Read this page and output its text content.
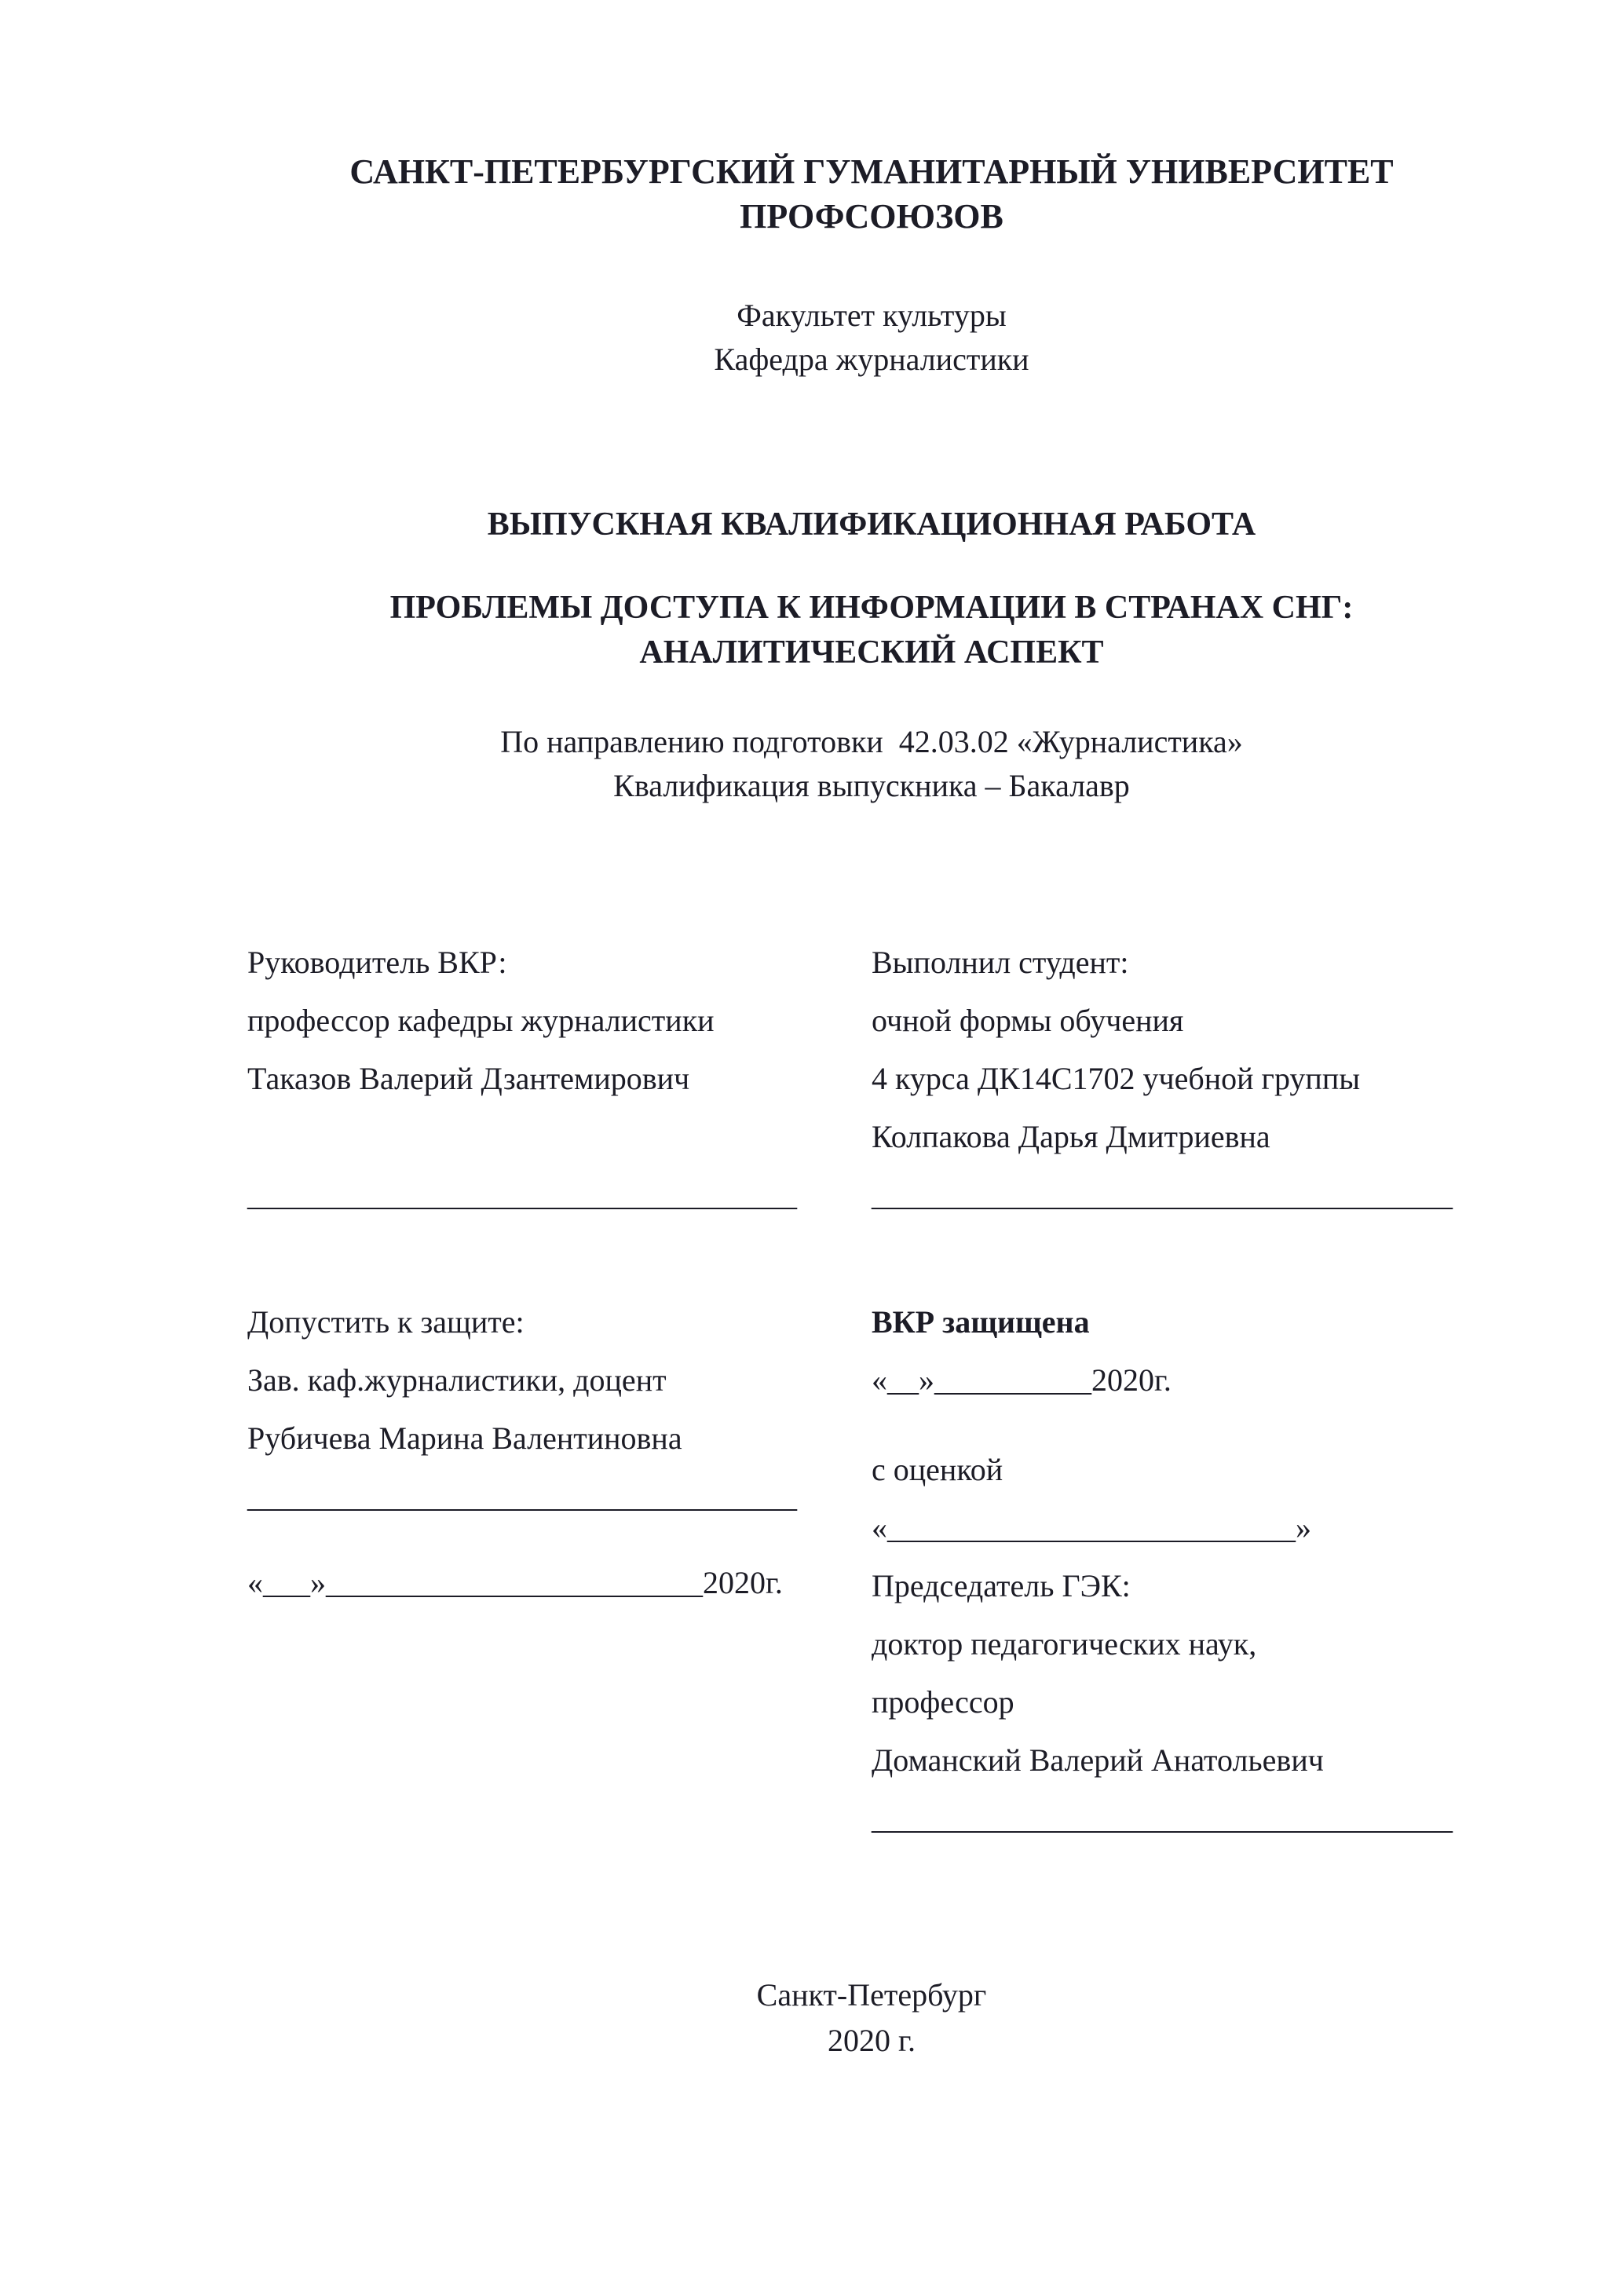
САНКТ-ПЕТЕРБУРГСКИЙ ГУМАНИТАРНЫЙ УНИВЕРСИТЕТ
ПРОФСОЮЗОВ
Факультет культуры
Кафедра журналистики
ВЫПУСКНАЯ КВАЛИФИКАЦИОННАЯ РАБОТА
ПРОБЛЕМЫ ДОСТУПА К ИНФОРМАЦИИ В СТРАНАХ СНГ:
АНАЛИТИЧЕСКИЙ АСПЕКТ
По направлению подготовки  42.03.02 «Журналистика»
Квалификация выпускника – Бакалавр
Руководитель ВКР:
профессор кафедры журналистики
Таказов Валерий Дзантемирович
___________________________________
Выполнил студент:
очной формы обучения
4 курса ДК14С1702 учебной группы
Колпакова Дарья Дмитриевна
_____________________________________
Допустить к защите:
Зав. каф.журналистики, доцент
Рубичева Марина Валентиновна
___________________________________
«___»________________________2020г.
ВКР защищена
«__»__________2020г.
с оценкой
«__________________________»
Председатель ГЭК:
доктор педагогических наук,
профессор
Доманский Валерий Анатольевич
_____________________________________
Санкт-Петербург
2020 г.
